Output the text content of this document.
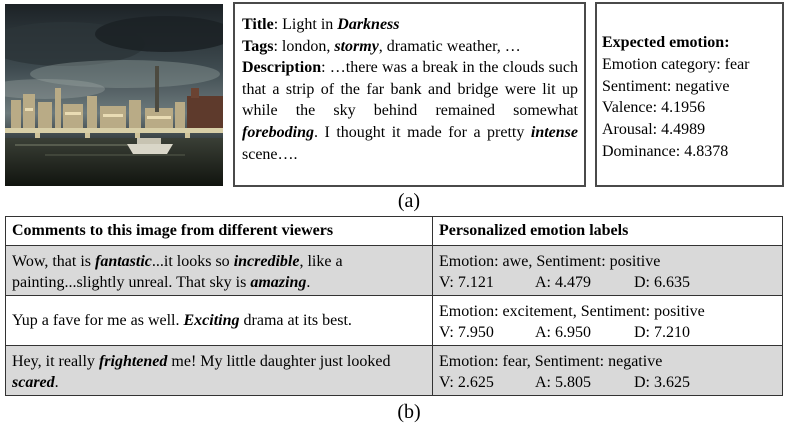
Title: Light in Darkness
Tags: london, stormy, dramatic weather, …
Description: …there was a break in the clouds such that a strip of the far bank and bridge were lit up while the sky behind remained somewhat foreboding. I thought it made for a pretty intense scene….
Expected emotion:
Emotion category: fear
Sentiment: negative
Valence: 4.1956
Arousal: 4.4989
Dominance: 4.8378
(a)
Comments to this image from different viewers	Personalized emotion labels
Wow, that is fantastic...it looks so incredible, like a painting...slightly unreal. That sky is amazing.	Emotion: awe, Sentiment: positive
V: 7.121 A: 4.479 D: 6.635

Yup a fave for me as well. Exciting drama at its best.	Emotion: excitement, Sentiment: positive
V: 7.950 A: 6.950 D: 7.210

Hey, it really frightened me! My little daughter just looked scared.	Emotion: fear, Sentiment: negative
V: 2.625 A: 5.805 D: 3.625
(b)
